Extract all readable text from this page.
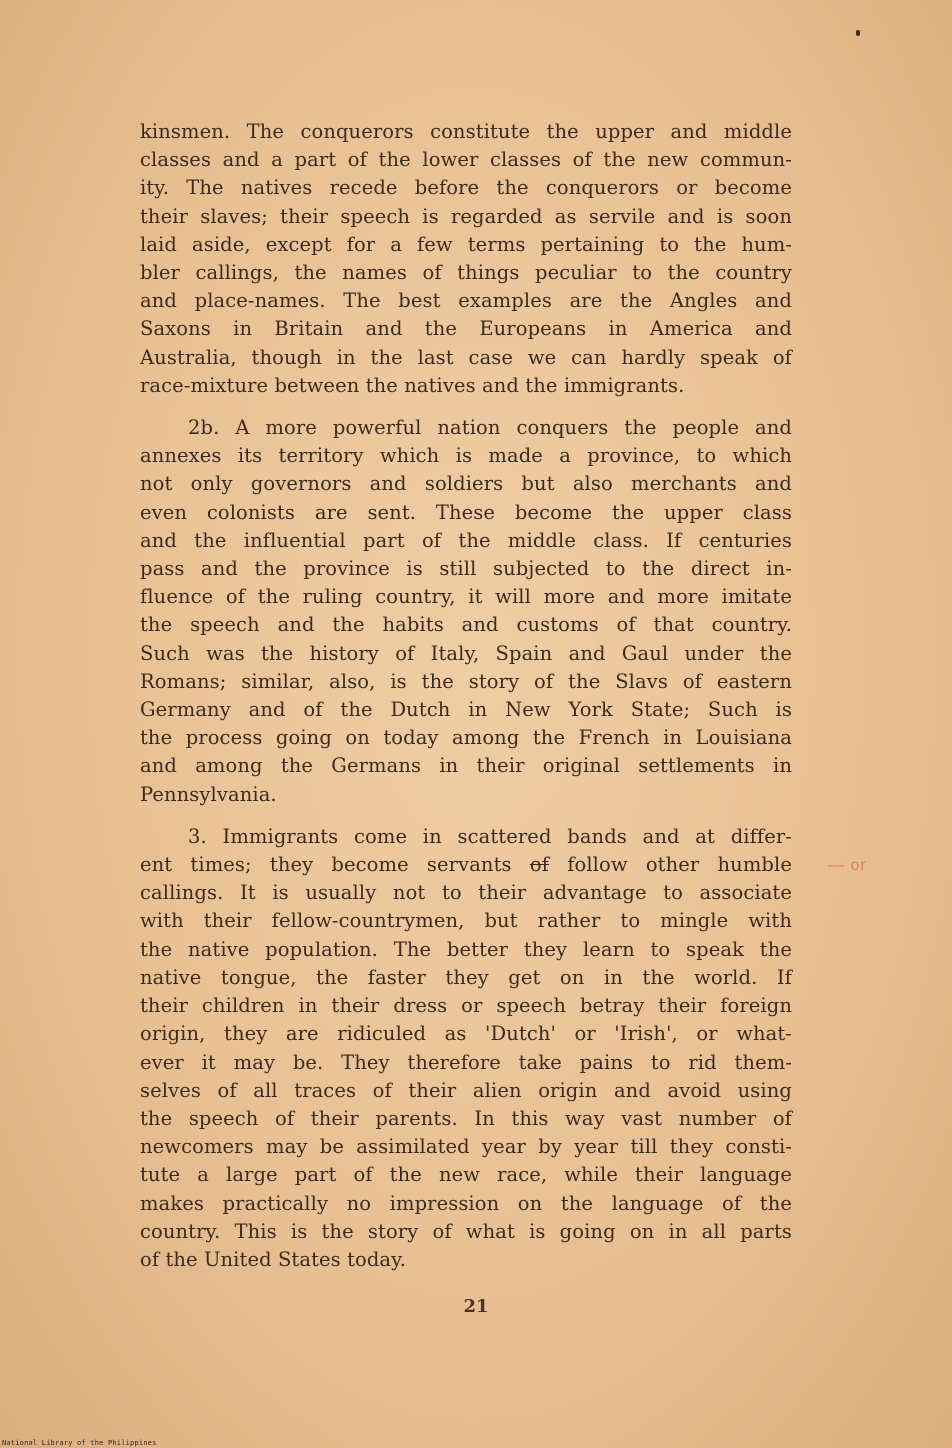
kinsmen. The conquerors constitute the upper and middle
classes and a part of the lower classes of the new commun-
ity. The natives recede before the conquerors or become
their slaves; their speech is regarded as servile and is soon
laid aside, except for a few terms pertaining to the hum-
bler callings, the names of things peculiar to the country
and place-names. The best examples are the Angles and
Saxons in Britain and the Europeans in America and
Australia, though in the last case we can hardly speak of
race-mixture between the natives and the immigrants.

2b. A more powerful nation conquers the people and
annexes its territory which is made a province, to which
not only governors and soldiers but also merchants and
even colonists are sent. These become the upper class
and the influential part of the middle class. If centuries
pass and the province is still subjected to the direct in-
fluence of the ruling country, it will more and more imitate
the speech and the habits and customs of that country.
Such was the history of Italy, Spain and Gaul under the
Romans; similar, also, is the story of the Slavs of eastern
Germany and of the Dutch in New York State; Such is
the process going on today among the French in Louisiana
and among the Germans in their original settlements in
Pennsylvania.

3. Immigrants come in scattered bands and at differ-
ent times; they become servants of follow other humble
callings. It is usually not to their advantage to associate
with their fellow-countrymen, but rather to mingle with
the native population. The better they learn to speak the
native tongue, the faster they get on in the world. If
their children in their dress or speech betray their foreign
origin, they are ridiculed as 'Dutch' or 'Irish', or what-
ever it may be. They therefore take pains to rid them-
selves of all traces of their alien origin and avoid using
the speech of their parents. In this way vast number of
newcomers may be assimilated year by year till they consti-
tute a large part of the new race, while their language
makes practically no impression on the language of the
country. This is the story of what is going on in all parts
of the United States today.

— or
21
National Library of the Philippines
